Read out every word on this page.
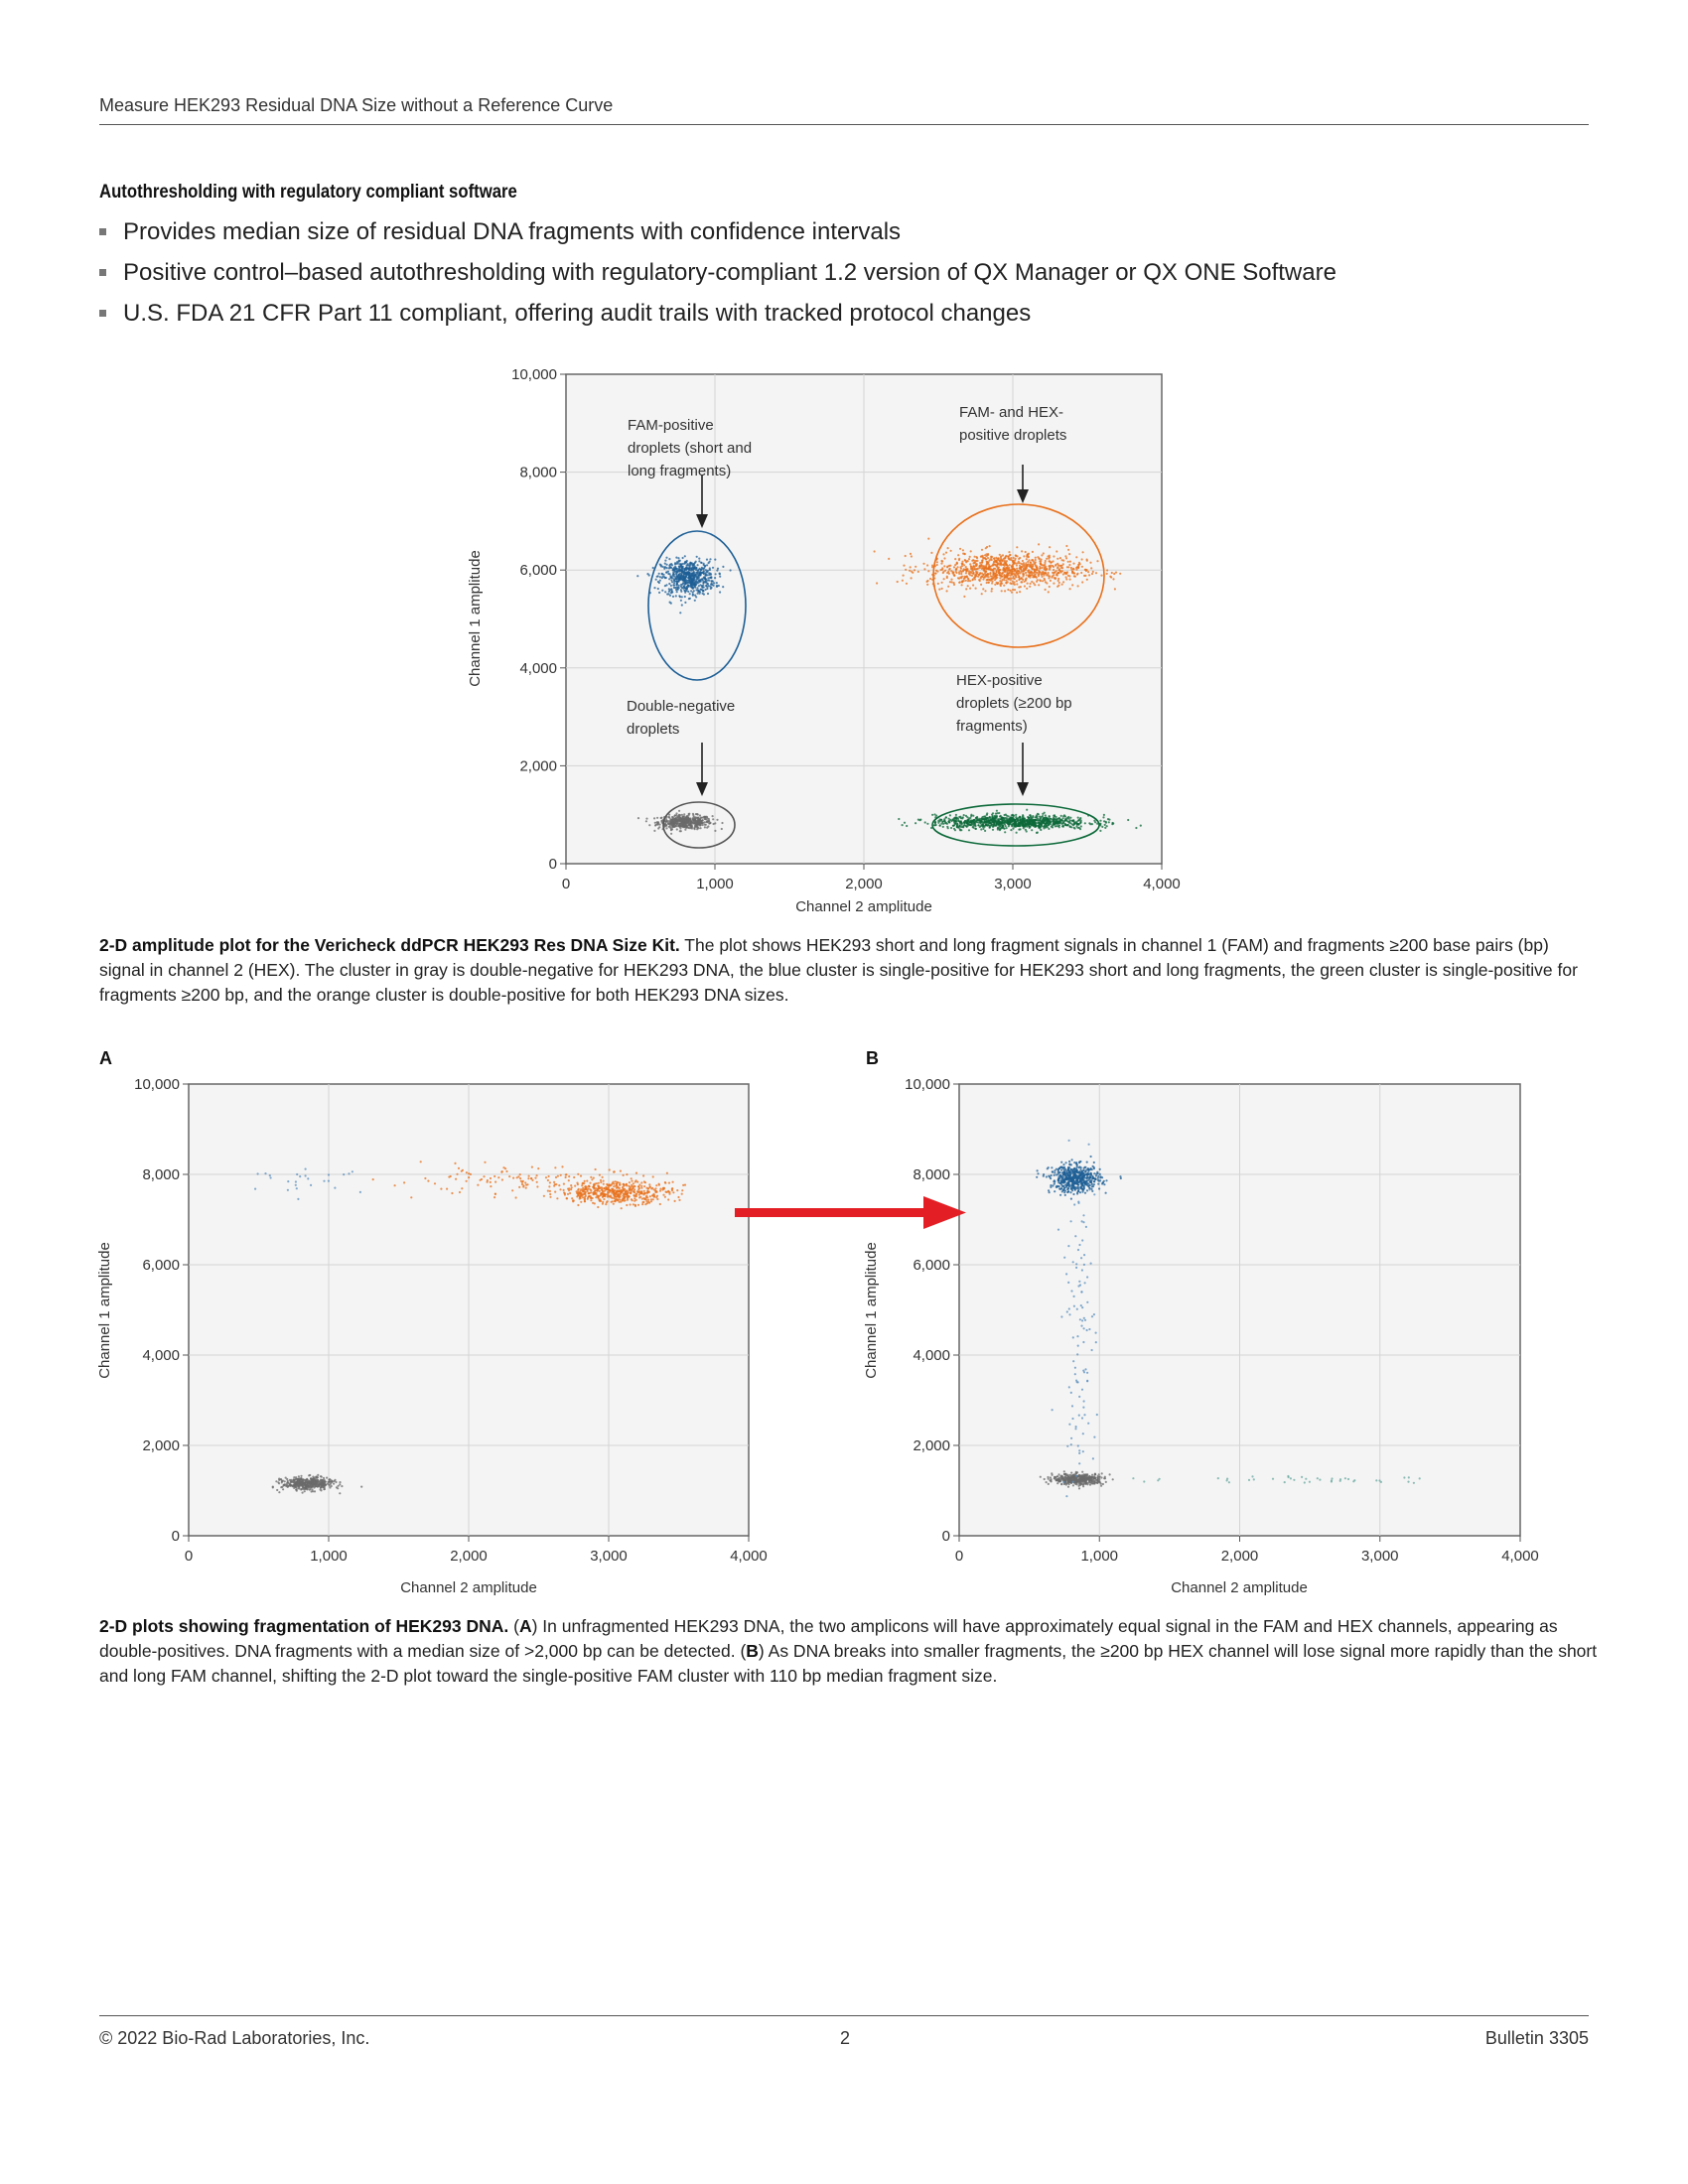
Measure HEK293 Residual DNA Size without a Reference Curve
Autothresholding with regulatory compliant software
Provides median size of residual DNA fragments with confidence intervals
Positive control–based autothresholding with regulatory-compliant 1.2 version of QX Manager or QX ONE Software
U.S. FDA 21 CFR Part 11 compliant, offering audit trails with tracked protocol changes
0	1,000	2,000	3,000	4,000
0
2,000
4,000
6,000
8,000
10,000
FAM-positive
droplets (short and
long fragments)
FAM- and HEX-
positive droplets
Double-negative
droplets
HEX-positive
droplets (≥200 bp
fragments)
Channel 2 amplitude
Channel 1 amplitude
2-D amplitude plot for the Vericheck ddPCR HEK293 Res DNA Size Kit. The plot shows HEK293 short and long fragment signals in channel 1 (FAM) and fragments ≥200 base pairs (bp) signal in channel 2 (HEX). The cluster in gray is double-negative for HEK293 DNA, the blue cluster is single-positive for HEK293 short and long fragments, the green cluster is single-positive for fragments ≥200 bp, and the orange cluster is double-positive for both HEK293 DNA sizes.
A	B
0	1,000	2,000	3,000	4,000
0
2,000
4,000
6,000
8,000
10,000
Channel 2 amplitude
Channel 1 amplitude
0	1,000	2,000	3,000	4,000
0
2,000
4,000
6,000
8,000
10,000
Channel 2 amplitude
Channel 1 amplitude
2-D plots showing fragmentation of HEK293 DNA. (A) In unfragmented HEK293 DNA, the two amplicons will have approximately equal signal in the FAM and HEX channels, appearing as double-positives. DNA fragments with a median size of >2,000 bp can be detected. (B) As DNA breaks into smaller fragments, the ≥200 bp HEX channel will lose signal more rapidly than the short and long FAM channel, shifting the 2-D plot toward the single-positive FAM cluster with 110 bp median fragment size.
© 2022 Bio-Rad Laboratories, Inc.	2	Bulletin 3305
